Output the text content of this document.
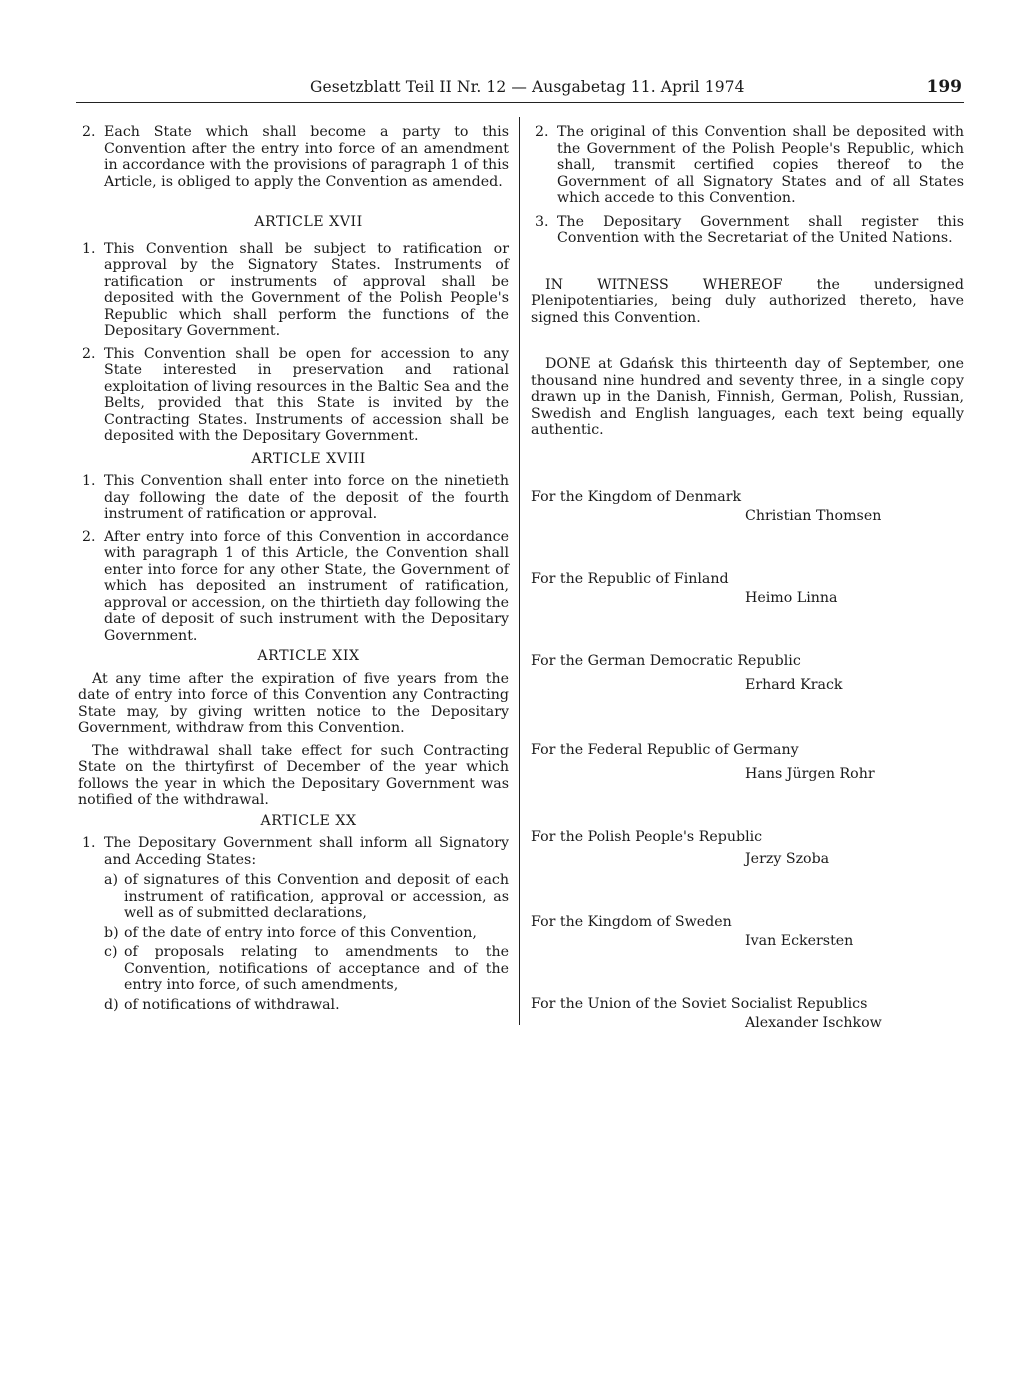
Gesetzblatt Teil II Nr. 12 — Ausgabetag 11. April 1974	199
2. Each State which shall become a party to this Convention after the entry into force of an amendment in accordance with the provisions of paragraph 1 of this Article, is obliged to apply the Convention as amended.
ARTICLE XVII
1. This Convention shall be subject to ratification or approval by the Signatory States. Instruments of ratification or instruments of approval shall be deposited with the Government of the Polish People's Republic which shall perform the functions of the Depositary Government.
2. This Convention shall be open for accession to any State interested in preservation and rational exploitation of living resources in the Baltic Sea and the Belts, provided that this State is invited by the Contracting States. Instruments of accession shall be deposited with the Depositary Government.
ARTICLE XVIII
1. This Convention shall enter into force on the ninetieth day following the date of the deposit of the fourth instrument of ratification or approval.
2. After entry into force of this Convention in accordance with paragraph 1 of this Article, the Convention shall enter into force for any other State, the Government of which has deposited an instrument of ratification, approval or accession, on the thirtieth day following the date of deposit of such instrument with the Depositary Government.
ARTICLE XIX
At any time after the expiration of five years from the date of entry into force of this Convention any Contracting State may, by giving written notice to the Depositary Government, withdraw from this Convention.
The withdrawal shall take effect for such Contracting State on the thirtyfirst of December of the year which follows the year in which the Depositary Government was notified of the withdrawal.
ARTICLE XX
1. The Depositary Government shall inform all Signatory and Acceding States:
a) of signatures of this Convention and deposit of each instrument of ratification, approval or accession, as well as of submitted declarations,
b) of the date of entry into force of this Convention,
c) of proposals relating to amendments to the Convention, notifications of acceptance and of the entry into force, of such amendments,
d) of notifications of withdrawal.
2. The original of this Convention shall be deposited with the Government of the Polish People's Republic, which shall, transmit certified copies thereof to the Government of all Signatory States and of all States which accede to this Convention.
3. The Depositary Government shall register this Convention with the Secretariat of the United Nations.
IN WITNESS WHEREOF the undersigned Plenipotentiaries, being duly authorized thereto, have signed this Convention.
DONE at Gdańsk this thirteenth day of September, one thousand nine hundred and seventy three, in a single copy drawn up in the Danish, Finnish, German, Polish, Russian, Swedish and English languages, each text being equally authentic.
For the Kingdom of Denmark
Christian Thomsen
For the Republic of Finland
Heimo Linna
For the German Democratic Republic
Erhard Krack
For the Federal Republic of Germany
Hans Jürgen Rohr
For the Polish People's Republic
Jerzy Szoba
For the Kingdom of Sweden
Ivan Eckersten
For the Union of the Soviet Socialist Republics
Alexander Ischkow
